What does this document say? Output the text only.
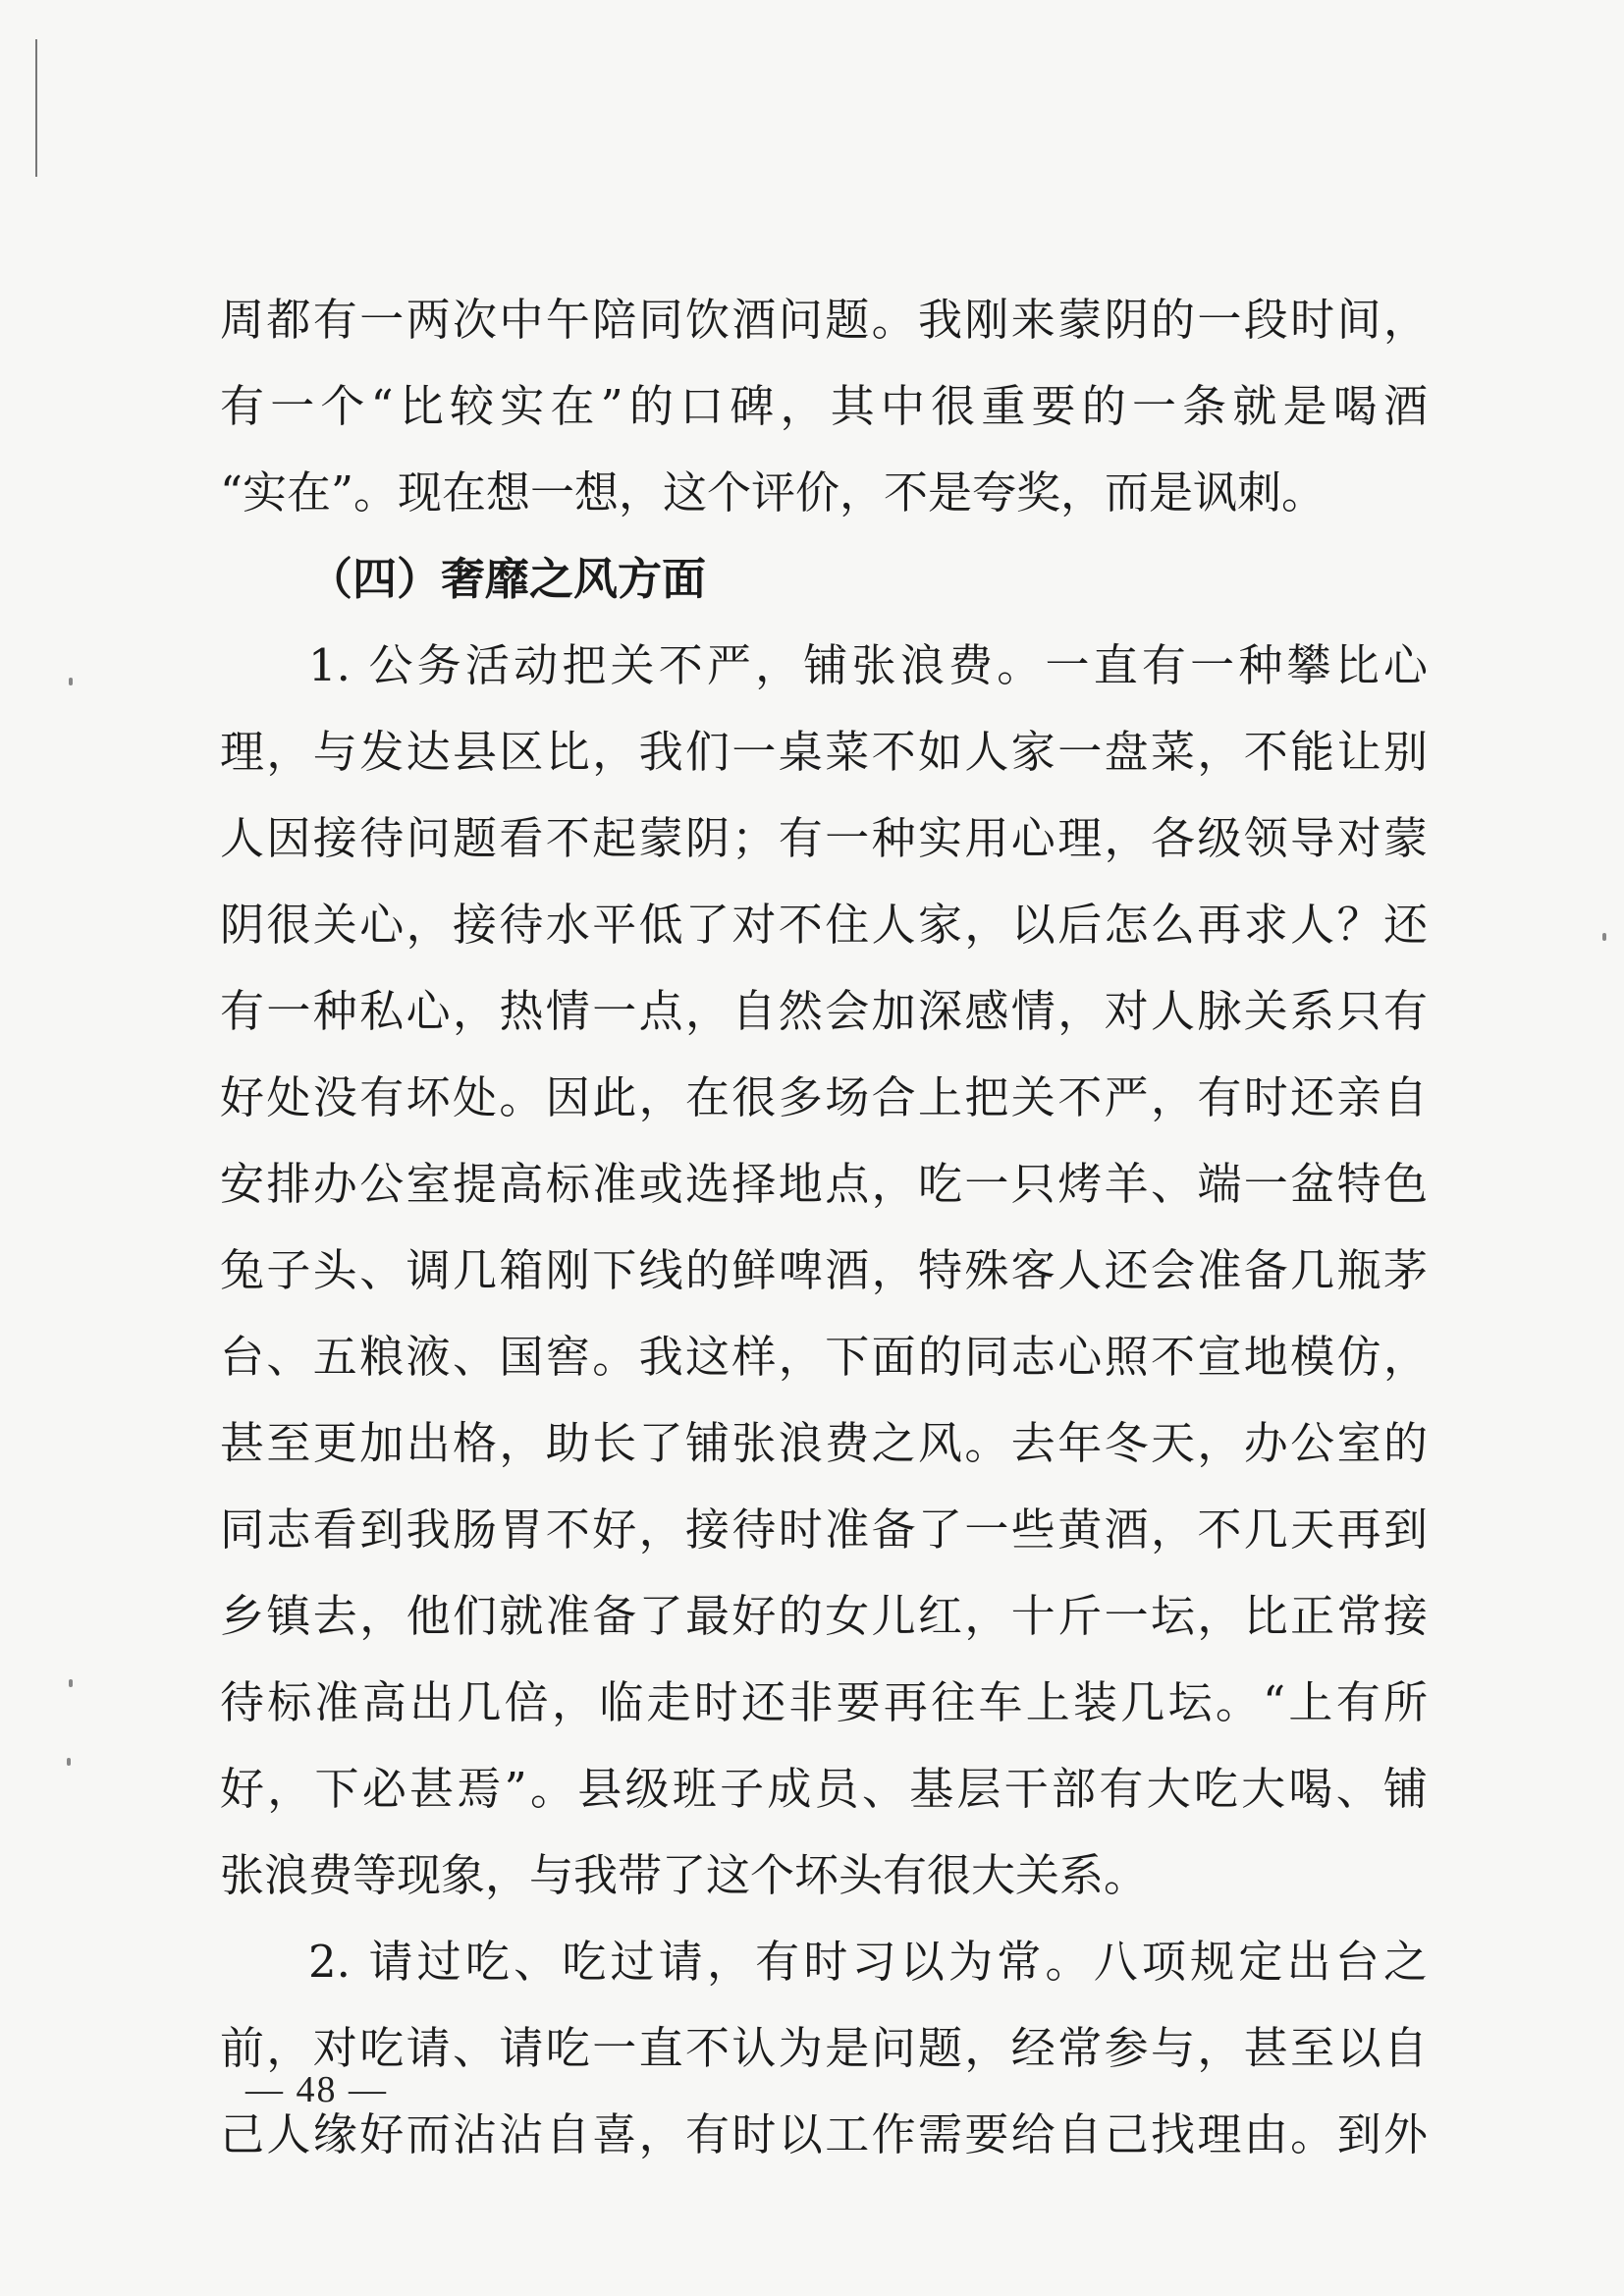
周都有一两次中午陪同饮酒问题。我刚来蒙阴的一段时间，
有一个“比较实在”的口碑，其中很重要的一条就是喝酒
“实在”。现在想一想，这个评价，不是夸奖，而是讽刺。
（四）奢靡之风方面
1. 公务活动把关不严，铺张浪费。一直有一种攀比心
理，与发达县区比，我们一桌菜不如人家一盘菜，不能让别
人因接待问题看不起蒙阴；有一种实用心理，各级领导对蒙
阴很关心，接待水平低了对不住人家，以后怎么再求人？还
有一种私心，热情一点，自然会加深感情，对人脉关系只有
好处没有坏处。因此，在很多场合上把关不严，有时还亲自
安排办公室提高标准或选择地点，吃一只烤羊、端一盆特色
兔子头、调几箱刚下线的鲜啤酒，特殊客人还会准备几瓶茅
台、五粮液、国窖。我这样，下面的同志心照不宣地模仿，
甚至更加出格，助长了铺张浪费之风。去年冬天，办公室的
同志看到我肠胃不好，接待时准备了一些黄酒，不几天再到
乡镇去，他们就准备了最好的女儿红，十斤一坛，比正常接
待标准高出几倍，临走时还非要再往车上装几坛。“上有所
好，下必甚焉”。县级班子成员、基层干部有大吃大喝、铺
张浪费等现象，与我带了这个坏头有很大关系。
2. 请过吃、吃过请，有时习以为常。八项规定出台之
前，对吃请、请吃一直不认为是问题，经常参与，甚至以自
己人缘好而沾沾自喜，有时以工作需要给自己找理由。到外
— 48 —
